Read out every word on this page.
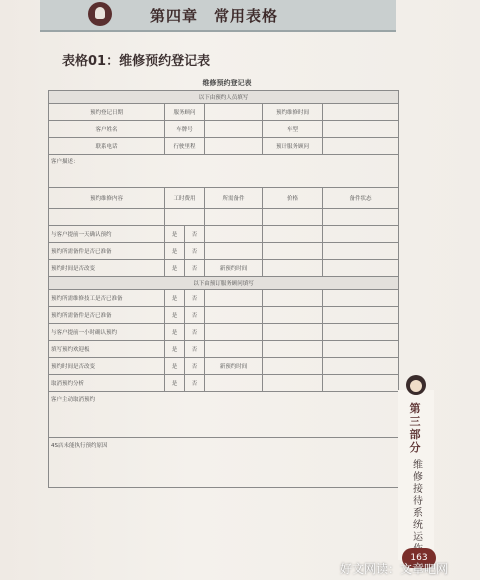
第四章　常用表格
表格01：维修预约登记表
维修预约登记表
以下由预约人员填写					
预约登记日期	服务顾问			预约维修时间	
客户姓名	车牌号			车型	
联系电话	行驶里程			预计服务顾问	
客户描述：					
预约维修内容	工时费用		所需备件	价格	备件状态

与客户提前一天确认预约	是	否			
预约所需备件是否已准备	是	否			
预约时间是否改变	是	否	新预约时间		
以下由预订服务顾问填写					
预约所需维修技工是否已准备	是	否			
预约所需备件是否已准备	是	否			
与客户提前一小时确认预约	是	否			
填写预约欢迎板	是	否			
预约时间是否改变	是	否	新预约时间		
取消预约分析	是	否			
客户主动取消预约					
4S店未能执行预约原因					
第
三
部
分
维
修
接
待
系
统
运
163
好文网读：文章吧网
